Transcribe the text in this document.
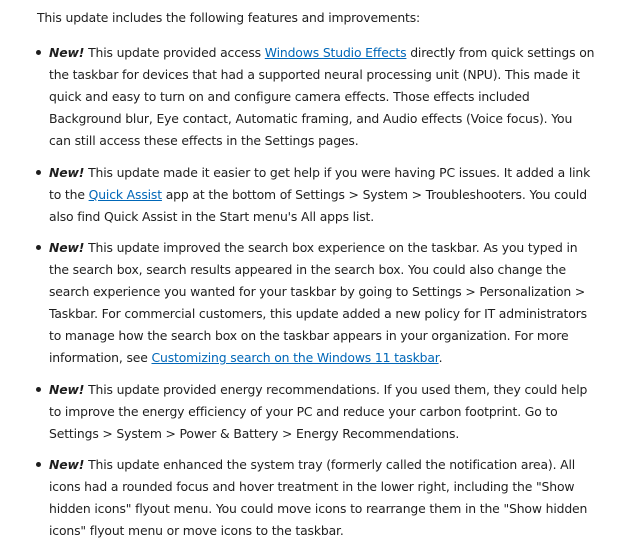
This update includes the following features and improvements:

New! This update provided access Windows Studio Effects directly from quick settings on
the taskbar for devices that had a supported neural processing unit (NPU). This made it
quick and easy to turn on and configure camera effects. Those effects included
Background blur, Eye contact, Automatic framing, and Audio effects (Voice focus). You
can still access these effects in the Settings pages.
New! This update made it easier to get help if you were having PC issues. It added a link
to the Quick Assist app at the bottom of Settings > System > Troubleshooters. You could
also find Quick Assist in the Start menu's All apps list.
New! This update improved the search box experience on the taskbar. As you typed in
the search box, search results appeared in the search box. You could also change the
search experience you wanted for your taskbar by going to Settings > Personalization >
Taskbar. For commercial customers, this update added a new policy for IT administrators
to manage how the search box on the taskbar appears in your organization. For more
information, see Customizing search on the Windows 11 taskbar.
New! This update provided energy recommendations. If you used them, they could help
to improve the energy efficiency of your PC and reduce your carbon footprint. Go to
Settings > System > Power & Battery > Energy Recommendations.
New! This update enhanced the system tray (formerly called the notification area). All
icons had a rounded focus and hover treatment in the lower right, including the "Show
hidden icons" flyout menu. You could move icons to rearrange them in the "Show hidden
icons" flyout menu or move icons to the taskbar.
